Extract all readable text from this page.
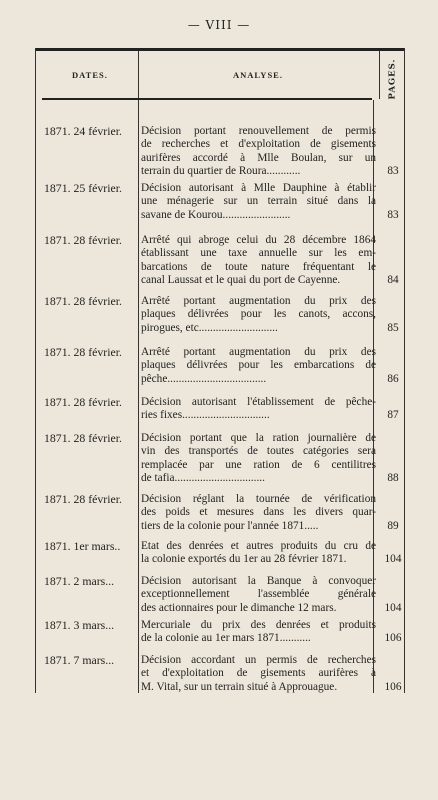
— VIII —
DATES.	ANALYSE.	PAGES.
1871. 24 février.	Décision portant renouvellement de permis
de recherches et d'exploitation de gisements
aurifères accordé à Mlle Boulan, sur un
terrain du quartier de Roura............	83
1871. 25 février.	Décision autorisant à Mlle Dauphine à établir
une ménagerie sur un terrain situé dans la
savane de Kourou........................	83
1871. 28 février.	Arrêté qui abroge celui du 28 décembre 1864
établissant une taxe annuelle sur les em-
barcations de toute nature fréquentant le
canal Laussat et le quai du port de Cayenne.	84
1871. 28 février.	Arrêté portant augmentation du prix des
plaques délivrées pour les canots, accons,
pirogues, etc............................	85
1871. 28 février.	Arrêté portant augmentation du prix des
plaques délivrées pour les embarcations de
pêche...................................	86
1871. 28 février.	Décision autorisant l'établissement de pêche-
ries fixes...............................	87
1871. 28 février.	Décision portant que la ration journalière de
vin des transportés de toutes catégories sera
remplacée par une ration de 6 centilitres
de tafia................................	88
1871. 28 février.	Décision réglant la tournée de vérification
des poids et mesures dans les divers quar-
tiers de la colonie pour l'année 1871.....	89
1871. 1er mars..	Etat des denrées et autres produits du cru de
la colonie exportés du 1er au 28 février 1871.	104
1871. 2 mars...	Décision autorisant la Banque à convoquer
exceptionnellement l'assemblée générale
des actionnaires pour le dimanche 12 mars.	104
1871. 3 mars...	Mercuriale du prix des denrées et produits
de la colonie au 1er mars 1871...........	106
1871. 7 mars...	Décision accordant un permis de recherches
et d'exploitation de gisements aurifères à
M. Vital, sur un terrain situé à Approuague.	106
